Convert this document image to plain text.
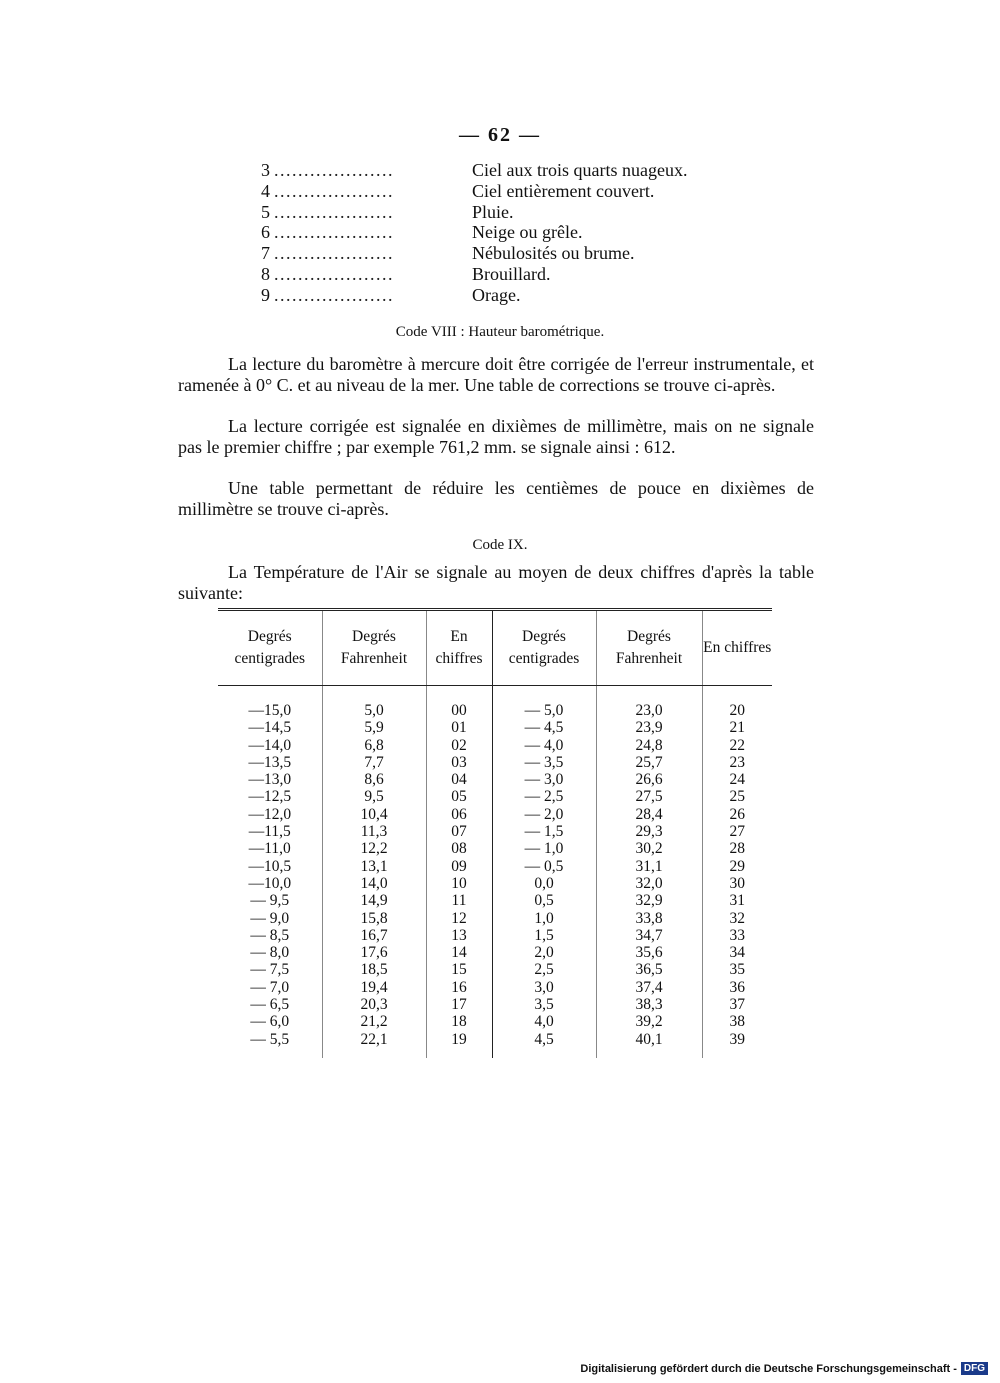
— 62 —
3 ....................	Ciel aux trois quarts nuageux.
4 ....................	Ciel entièrement couvert.
5 ....................	Pluie.
6 ....................	Neige ou grêle.
7 ....................	Nébulosités ou brume.
8 ....................	Brouillard.
9 ....................	Orage.
Code VIII : Hauteur barométrique.

La lecture du baromètre à mercure doit être corrigée de l'erreur instrumentale, et ramenée à 0° C. et au niveau de la mer. Une table de corrections se trouve ci-après.

La lecture corrigée est signalée en dixièmes de millimètre, mais on ne signale pas le premier chiffre ; par exemple 761,2 mm. se signale ainsi : 612.

Une table permettant de réduire les centièmes de pouce en dixièmes de millimètre se trouve ci-après.

Code IX.

La Température de l'Air se signale au moyen de deux chiffres d'après la table suivante:

Degrés centigrades	Degrés Fahrenheit	En chiffres	Degrés centigrades	Degrés Fahrenheit	En chiffres
—15,0	5,0	00	— 5,0	23,0	20
—14,5	5,9	01	— 4,5	23,9	21
—14,0	6,8	02	— 4,0	24,8	22
—13,5	7,7	03	— 3,5	25,7	23
—13,0	8,6	04	— 3,0	26,6	24
—12,5	9,5	05	— 2,5	27,5	25
—12,0	10,4	06	— 2,0	28,4	26
—11,5	11,3	07	— 1,5	29,3	27
—11,0	12,2	08	— 1,0	30,2	28
—10,5	13,1	09	— 0,5	31,1	29
—10,0	14,0	10	0,0	32,0	30
— 9,5	14,9	11	0,5	32,9	31
— 9,0	15,8	12	1,0	33,8	32
— 8,5	16,7	13	1,5	34,7	33
— 8,0	17,6	14	2,0	35,6	34
— 7,5	18,5	15	2,5	36,5	35
— 7,0	19,4	16	3,0	37,4	36
— 6,5	20,3	17	3,5	38,3	37
— 6,0	21,2	18	4,0	39,2	38
— 5,5	22,1	19	4,5	40,1	39
Digitalisierung gefördert durch die Deutsche Forschungsgemeinschaft - DFG
